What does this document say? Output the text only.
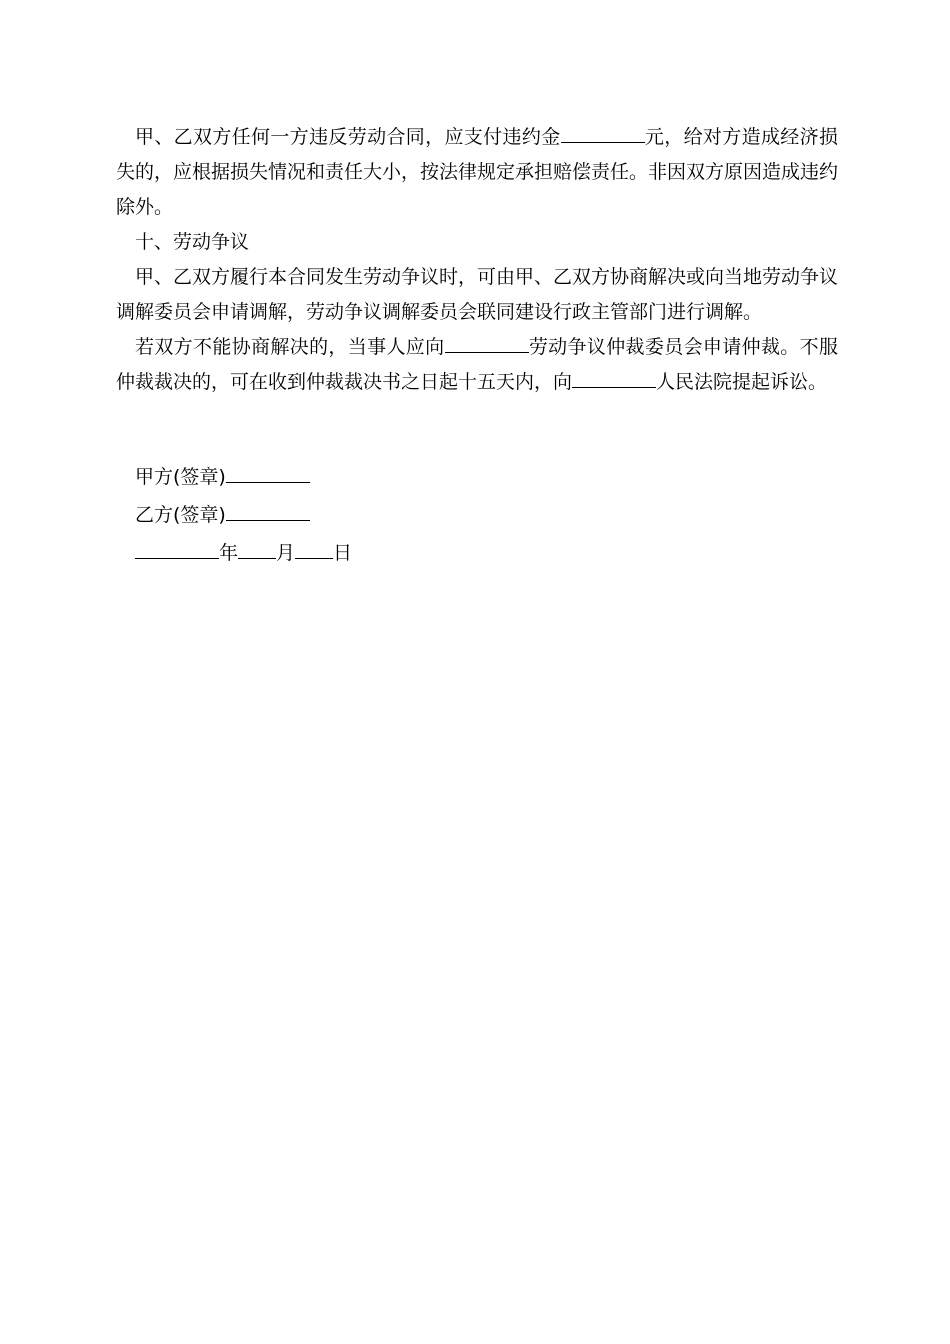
甲、乙双方任何一方违反劳动合同，应支付违约金	元，给对方造成经济损失的，应根据损失情况和责任大小，按法律规定承担赔偿责任。非因双方原因造成违约除外。

十、劳动争议

甲、乙双方履行本合同发生劳动争议时，可由甲、乙双方协商解决或向当地劳动争议调解委员会申请调解，劳动争议调解委员会联同建设行政主管部门进行调解。

若双方不能协商解决的，当事人应向	劳动争议仲裁委员会申请仲裁。不服仲裁裁决的，可在收到仲裁裁决书之日起十五天内，向	人民法院提起诉讼。

甲方(签章)

乙方(签章)

年 月 日
